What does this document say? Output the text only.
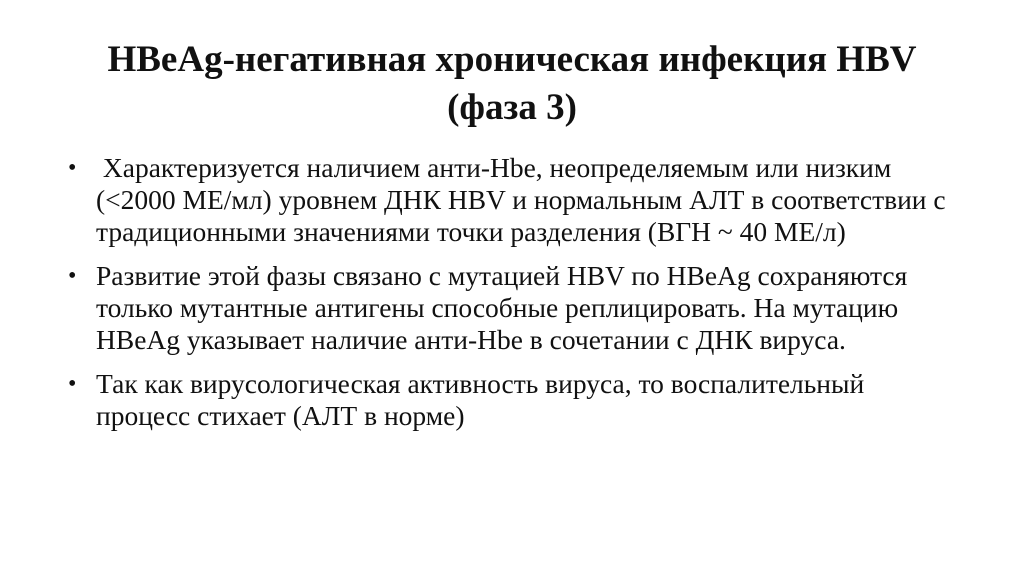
HBeAg-негативная хроническая инфекция HBV (фаза 3)
• Характеризуется наличием анти-Hbe, неопределяемым или низким (<2000 МЕ/мл) уровнем ДНК HBV и нормальным АЛТ в соответствии с традиционными значениями точки разделения (ВГН ~ 40 МЕ/л)
• Развитие этой фазы связано с мутацией HBV по HBeAg сохраняются только мутантные антигены способные реплицировать. На мутацию HBeAg указывает наличие анти-Hbe в сочетании с ДНК вируса.
• Так как вирусологическая активность вируса, то воспалительный процесс стихает (АЛТ в норме)
